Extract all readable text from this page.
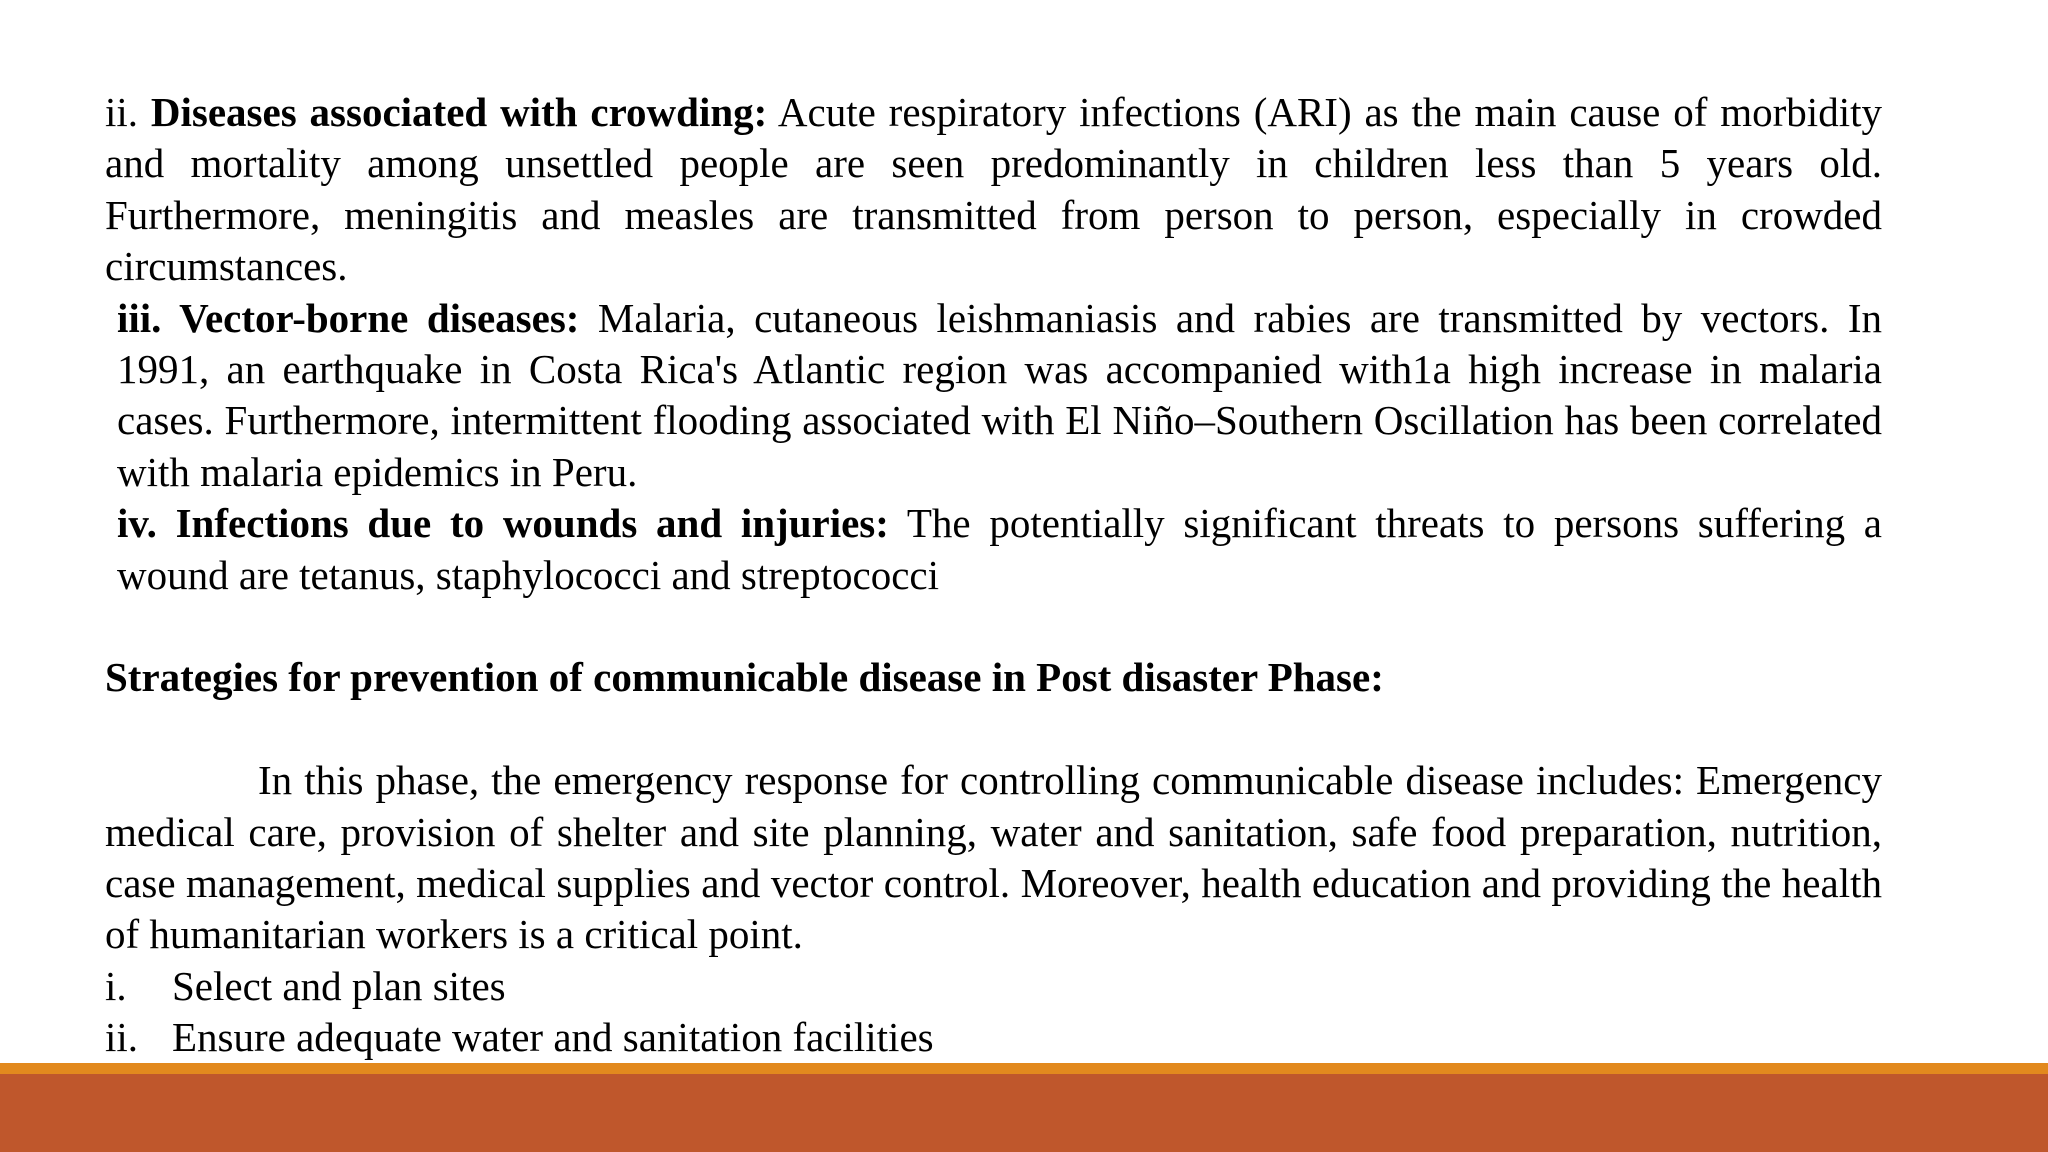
ii. Diseases associated with crowding: Acute respiratory infections (ARI) as the main cause of morbidity and mortality among unsettled people are seen predominantly in children less than 5 years old. Furthermore, meningitis and measles are transmitted from person to person, especially in crowded circumstances.

iii. Vector-borne diseases: Malaria, cutaneous leishmaniasis and rabies are transmitted by vectors. In 1991, an earthquake in Costa Rica's Atlantic region was accompanied with1a high increase in malaria cases. Furthermore, intermittent flooding associated with El Niño–Southern Oscillation has been correlated with malaria epidemics in Peru.

iv. Infections due to wounds and injuries: The potentially significant threats to persons suffering a wound are tetanus, staphylococci and streptococci

Strategies for prevention of communicable disease in Post disaster Phase:

In this phase, the emergency response for controlling communicable disease includes: Emergency medical care, provision of shelter and site planning, water and sanitation, safe food preparation, nutrition, case management, medical supplies and vector control. Moreover, health education and providing the health of humanitarian workers is a critical point.

i.	Select and plan sites
ii. Ensure adequate water and sanitation facilities
